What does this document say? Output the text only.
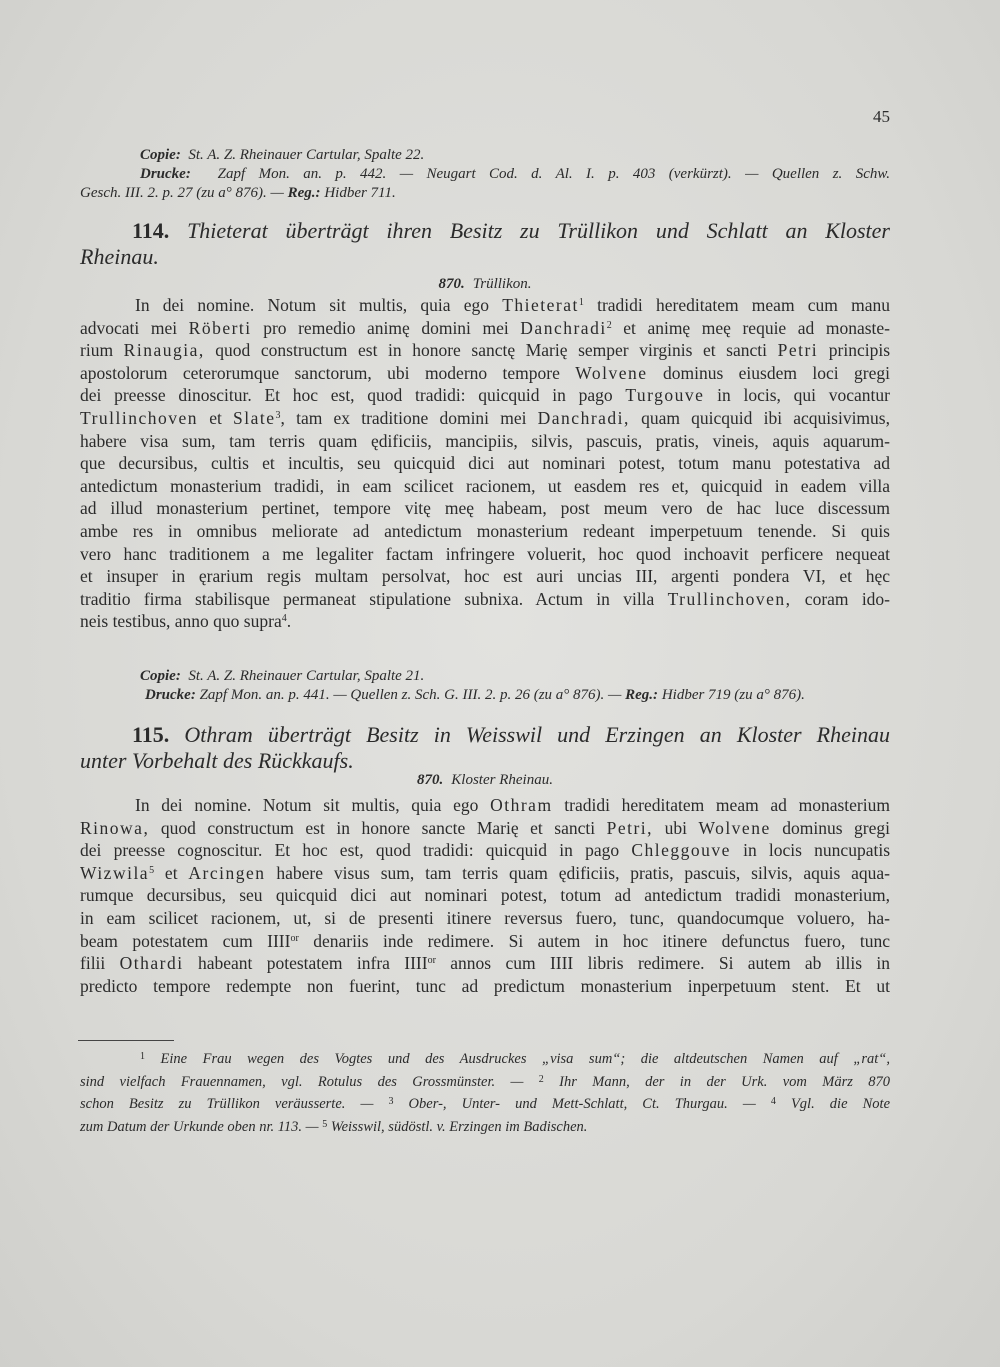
45
Copie: St. A. Z. Rheinauer Cartular, Spalte 22.
Drucke: Zapf Mon. an. p. 442. — Neugart Cod. d. Al. I. p. 403 (verkürzt). — Quellen z. Schw.
Gesch. III. 2. p. 27 (zu a° 876). — Reg.: Hidber 711.
114. Thieterat überträgt ihren Besitz zu Trüllikon und Schlatt an Kloster
Rheinau.
870. Trüllikon.
In dei nomine. Notum sit multis, quia ego Thieterat$^1$ tradidi hereditatem meam cum manu
advocati mei Röberti pro remedio animę domini mei Danchradi$^2$ et animę meę requie ad monaste-
rium Rinaugia, quod constructum est in honore sanctę Marię semper virginis et sancti Petri principis
apostolorum ceterorumque sanctorum, ubi moderno tempore Wolvene dominus eiusdem loci gregi
dei preesse dinoscitur. Et hoc est, quod tradidi: quicquid in pago Turgouve in locis, qui vocantur
Trullinchoven et Slate$^3$, tam ex traditione domini mei Danchradi, quam quicquid ibi acquisivimus,
habere visa sum, tam terris quam ędificiis, mancipiis, silvis, pascuis, pratis, vineis, aquis aquarum-
que decursibus, cultis et incultis, seu quicquid dici aut nominari potest, totum manu potestativa ad
antedictum monasterium tradidi, in eam scilicet racionem, ut easdem res et, quicquid in eadem villa
ad illud monasterium pertinet, tempore vitę meę habeam, post meum vero de hac luce discessum
ambe res in omnibus meliorate ad antedictum monasterium redeant imperpetuum tenende. Si quis
vero hanc traditionem a me legaliter factam infringere voluerit, hoc quod inchoavit perficere nequeat
et insuper in ęrarium regis multam persolvat, hoc est auri uncias III, argenti pondera VI, et hęc
traditio firma stabilisque permaneat stipulatione subnixa. Actum in villa Trullinchoven, coram ido-
neis testibus, anno quo supra$^4$.
Copie: St. A. Z. Rheinauer Cartular, Spalte 21.
Drucke: Zapf Mon. an. p. 441. — Quellen z. Sch. G. III. 2. p. 26 (zu a° 876). — Reg.: Hidber 719 (zu a° 876).
115. Othram überträgt Besitz in Weisswil und Erzingen an Kloster Rheinau
unter Vorbehalt des Rückkaufs.
870. Kloster Rheinau.
In dei nomine. Notum sit multis, quia ego Othram tradidi hereditatem meam ad monasterium
Rinowa, quod constructum est in honore sancte Marię et sancti Petri, ubi Wolvene dominus gregi
dei preesse cognoscitur. Et hoc est, quod tradidi: quicquid in pago Chleggouve in locis nuncupatis
Wizwila$^5$ et Arcingen habere visus sum, tam terris quam ędificiis, pratis, pascuis, silvis, aquis aqua-
rumque decursibus, seu quicquid dici aut nominari potest, totum ad antedictum tradidi monasterium,
in eam scilicet racionem, ut, si de presenti itinere reversus fuero, tunc, quandocumque voluero, ha-
beam potestatem cum $IIII^{or}$ denariis inde redimere. Si autem in hoc itinere defunctus fuero, tunc
filii Othardi habeant potestatem infra $IIII^{or}$ annos cum IIII libris redimere. Si autem ab illis in
predicto tempore redempte non fuerint, tunc ad predictum monasterium inperpetuum stent. Et ut
$^1$ Eine Frau wegen des Vogtes und des Ausdruckes „visa sum“; die altdeutschen Namen auf „rat“,
sind vielfach Frauennamen, vgl. Rotulus des Grossmünster. — $^2$ Ihr Mann, der in der Urk. vom März 870
schon Besitz zu Trüllikon veräusserte. — $^3$ Ober-, Unter- und Mett-Schlatt, Ct. Thurgau. — $^4$ Vgl. die Note
zum Datum der Urkunde oben nr. 113. — $^5$ Weisswil, südöstl. v. Erzingen im Badischen.
